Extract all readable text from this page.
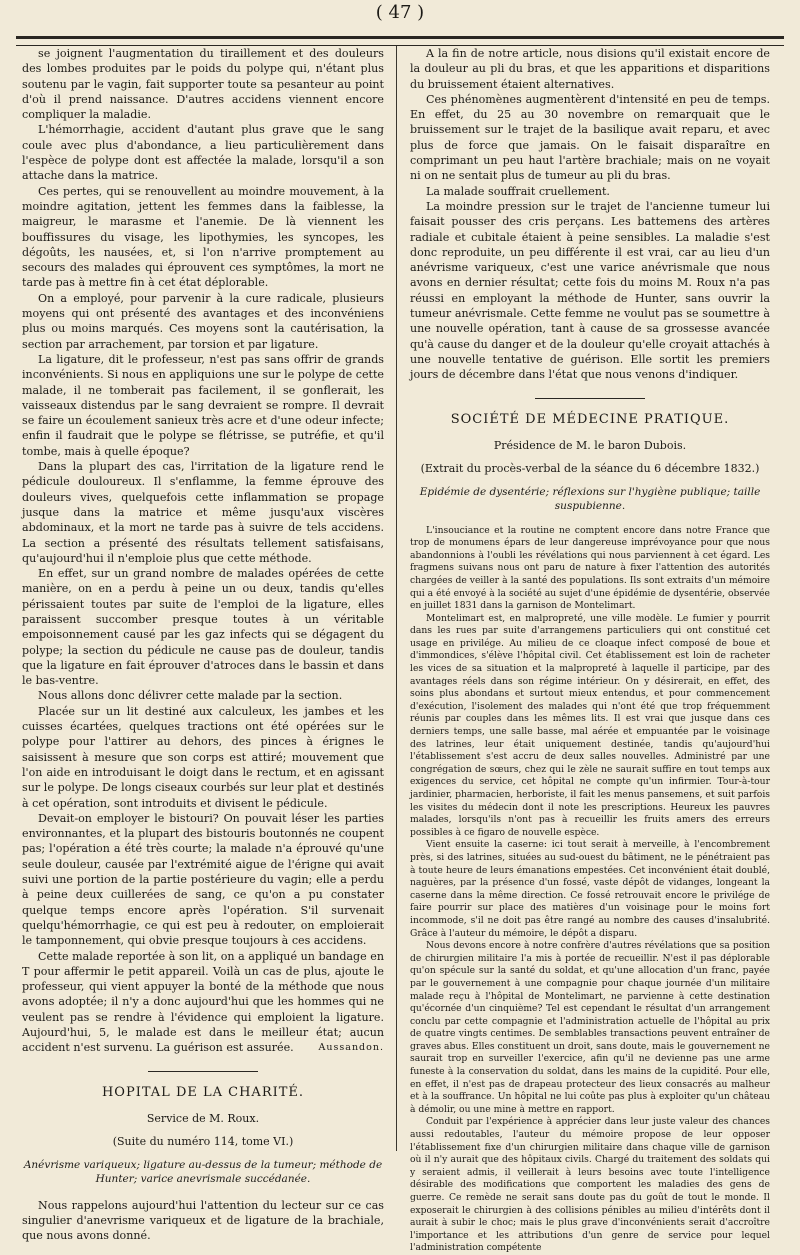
( 47 )

se joignent l'augmentation du tiraillement et des douleurs des lombes produites par le poids du polype qui, n'étant plus soutenu par le vagin, fait supporter toute sa pesanteur au point d'où il prend naissance. D'autres accidens viennent encore compliquer la maladie.

L'hémorrhagie, accident d'autant plus grave que le sang coule avec plus d'abondance, a lieu particulièrement dans l'espèce de polype dont est affectée la malade, lorsqu'il a son attache dans la matrice.

Ces pertes, qui se renouvellent au moindre mouvement, à la moindre agitation, jettent les femmes dans la faiblesse, la maigreur, le marasme et l'anemie. De là viennent les bouffissures du visage, les lipothymies, les syncopes, les dégoûts, les nausées, et, si l'on n'arrive promptement au secours des malades qui éprouvent ces symptômes, la mort ne tarde pas à mettre fin à cet état déplorable.

On a employé, pour parvenir à la cure radicale, plusieurs moyens qui ont présenté des avantages et des inconvéniens plus ou moins marqués. Ces moyens sont la cautérisation, la section par arrachement, par torsion et par ligature.

La ligature, dit le professeur, n'est pas sans offrir de grands inconvénients. Si nous en appliquions une sur le polype de cette malade, il ne tomberait pas facilement, il se gonflerait, les vaisseaux distendus par le sang devraient se rompre. Il devrait se faire un écoulement sanieux très acre et d'une odeur infecte; enfin il faudrait que le polype se flétrisse, se putréfie, et qu'il tombe, mais à quelle époque?

Dans la plupart des cas, l'irritation de la ligature rend le pédicule douloureux. Il s'enflamme, la femme éprouve des douleurs vives, quelquefois cette inflammation se propage jusque dans la matrice et même jusqu'aux viscères abdominaux, et la mort ne tarde pas à suivre de tels accidens. La section a présenté des résultats tellement satisfaisans, qu'aujourd'hui il n'emploie plus que cette méthode.

En effet, sur un grand nombre de malades opérées de cette manière, on en a perdu à peine un ou deux, tandis qu'elles périssaient toutes par suite de l'emploi de la ligature, elles paraissent succomber presque toutes à un véritable empoisonnement causé par les gaz infects qui se dégagent du polype; la section du pédicule ne cause pas de douleur, tandis que la ligature en fait éprouver d'atroces dans le bassin et dans le bas-ventre.

Nous allons donc délivrer cette malade par la section.

Placée sur un lit destiné aux calculeux, les jambes et les cuisses écartées, quelques tractions ont été opérées sur le polype pour l'attirer au dehors, des pinces à érignes le saisissent à mesure que son corps est attiré; mouvement que l'on aide en introduisant le doigt dans le rectum, et en agissant sur le polype. De longs ciseaux courbés sur leur plat et destinés à cet opération, sont introduits et divisent le pédicule.

Devait-on employer le bistouri? On pouvait léser les parties environnantes, et la plupart des bistouris boutonnés ne coupent pas; l'opération a été très courte; la malade n'a éprouvé qu'une seule douleur, causée par l'extrémité aigue de l'érigne qui avait suivi une portion de la partie postérieure du vagin; elle a perdu à peine deux cuillerées de sang, ce qu'on a pu constater quelque temps encore après l'opération. S'il survenait quelqu'hémorrhagie, ce qui est peu à redouter, on emploierait le tamponnement, qui obvie presque toujours à ces accidens.

Cette malade reportée à son lit, on a appliqué un bandage en T pour affermir le petit appareil. Voilà un cas de plus, ajoute le professeur, qui vient appuyer la bonté de la méthode que nous avons adoptée; il n'y a donc aujourd'hui que les hommes qui ne veulent pas se rendre à l'évidence qui emploient la ligature. Aujourd'hui, 5, le malade est dans le meilleur état; aucun accident n'est survenu. La guérison est assurée.	Aussandon.

HOPITAL DE LA CHARITÉ.
Service de M. Roux.
(Suite du numéro 114, tome VI.)
Anévrisme variqueux; ligature au-dessus de la tumeur; méthode de Hunter; varice anevrismale succédanée.

Nous rappelons aujourd'hui l'attention du lecteur sur ce cas singulier d'anevrisme variqueux et de ligature de la brachiale, que nous avons donné.

A la fin de notre article, nous disions qu'il existait encore de la douleur au pli du bras, et que les apparitions et disparitions du bruissement étaient alternatives.

Ces phénomènes augmentèrent d'intensité en peu de temps. En effet, du 25 au 30 novembre on remarquait que le bruissement sur le trajet de la basilique avait reparu, et avec plus de force que jamais. On le faisait disparaître en comprimant un peu haut l'artère brachiale; mais on ne voyait ni on ne sentait plus de tumeur au pli du bras.

La malade souffrait cruellement.

La moindre pression sur le trajet de l'ancienne tumeur lui faisait pousser des cris perçans. Les battemens des artères radiale et cubitale étaient à peine sensibles. La maladie s'est donc reproduite, un peu différente il est vrai, car au lieu d'un anévrisme variqueux, c'est une varice anévrismale que nous avons en dernier résultat; cette fois du moins M. Roux n'a pas réussi en employant la méthode de Hunter, sans ouvrir la tumeur anévrismale. Cette femme ne voulut pas se soumettre à une nouvelle opération, tant à cause de sa grossesse avancée qu'à cause du danger et de la douleur qu'elle croyait attachés à une nouvelle tentative de guérison. Elle sortit les premiers jours de décembre dans l'état que nous venons d'indiquer.

SOCIÉTÉ DE MÉDECINE PRATIQUE.
Présidence de M. le baron Dubois.
(Extrait du procès-verbal de la séance du 6 décembre 1832.)
Epidémie de dysentérie; réflexions sur l'hygiène publique; taille suspubienne.

L'insouciance et la routine ne comptent encore dans notre France que trop de monumens épars de leur dangereuse imprévoyance pour que nous abandonnions à l'oubli les révélations qui nous parviennent à cet égard. Les fragmens suivans nous ont paru de nature à fixer l'attention des autorités chargées de veiller à la santé des populations. Ils sont extraits d'un mémoire qui a été envoyé à la société au sujet d'une épidémie de dysentérie, observée en juillet 1831 dans la garnison de Montelimart.

Montelimart est, en malpropreté, une ville modèle. Le fumier y pourrit dans les rues par suite d'arrangemens particuliers qui ont constitué cet usage en privilége. Au milieu de ce cloaque infect composé de boue et d'immondices, s'élève l'hôpital civil. Cet établissement est loin de racheter les vices de sa situation et la malpropreté à laquelle il participe, par des avantages réels dans son régime intérieur. On y désirerait, en effet, des soins plus abondans et surtout mieux entendus, et pour commencement d'exécution, l'isolement des malades qui n'ont été que trop fréquemment réunis par couples dans les mêmes lits. Il est vrai que jusque dans ces derniers temps, une salle basse, mal aérée et empuantée par le voisinage des latrines, leur était uniquement destinée, tandis qu'aujourd'hui l'établissement s'est accru de deux salles nouvelles. Administré par une congrégation de sœurs, chez qui le zèle ne saurait suffire en tout temps aux exigences du service, cet hôpital ne compte qu'un infirmier. Tour-à-tour jardinier, pharmacien, herboriste, il fait les menus pansemens, et suit parfois les visites du médecin dont il note les prescriptions. Heureux les pauvres malades, lorsqu'ils n'ont pas à recueillir les fruits amers des erreurs possibles à ce figaro de nouvelle espèce.

Vient ensuite la caserne: ici tout serait à merveille, à l'encombrement près, si des latrines, situées au sud-ouest du bâtiment, ne le pénétraient pas à toute heure de leurs émanations empestées. Cet inconvénient était doublé, naguères, par la présence d'un fossé, vaste dépôt de vidanges, longeant la caserne dans la même direction. Ce fossé retrouvait encore le privilége de faire pourrir sur place des matières d'un voisinage pour le moins fort incommode, s'il ne doit pas être rangé au nombre des causes d'insalubrité. Grâce à l'auteur du mémoire, le dépôt a disparu.

Nous devons encore à notre confrère d'autres révélations que sa position de chirurgien militaire l'a mis à portée de recueillir. N'est il pas déplorable qu'on spécule sur la santé du soldat, et qu'une allocation d'un franc, payée par le gouvernement à une compagnie pour chaque journée d'un militaire malade reçu à l'hôpital de Montelimart, ne parvienne à cette destination qu'écornée d'un cinquième? Tel est cependant le résultat d'un arrangement conclu par cette compagnie et l'administration actuelle de l'hôpital au prix de quatre vingts centimes. De semblables transactions peuvent entraîner de graves abus. Elles constituent un droit, sans doute, mais le gouvernement ne saurait trop en surveiller l'exercice, afin qu'il ne devienne pas une arme funeste à la conservation du soldat, dans les mains de la cupidité. Pour elle, en effet, il n'est pas de drapeau protecteur des lieux consacrés au malheur et à la souffrance. Un hôpital ne lui coûte pas plus à exploiter qu'un château à démolir, ou une mine à mettre en rapport.

Conduit par l'expérience à apprécier dans leur juste valeur des chances aussi redoutables, l'auteur du mémoire propose de leur opposer l'établissement fixe d'un chirurgien militaire dans chaque ville de garnison où il n'y aurait que des hôpitaux civils. Chargé du traitement des soldats qui y seraient admis, il veillerait à leurs besoins avec toute l'intelligence désirable des modifications que comportent les maladies des gens de guerre. Ce remède ne serait sans doute pas du goût de tout le monde. Il exposerait le chirurgien à des collisions pénibles au milieu d'intérêts dont il aurait à subir le choc; mais le plus grave d'inconvénients serait d'accroître l'importance et les attributions d'un genre de service pour lequel l'administration compétente
